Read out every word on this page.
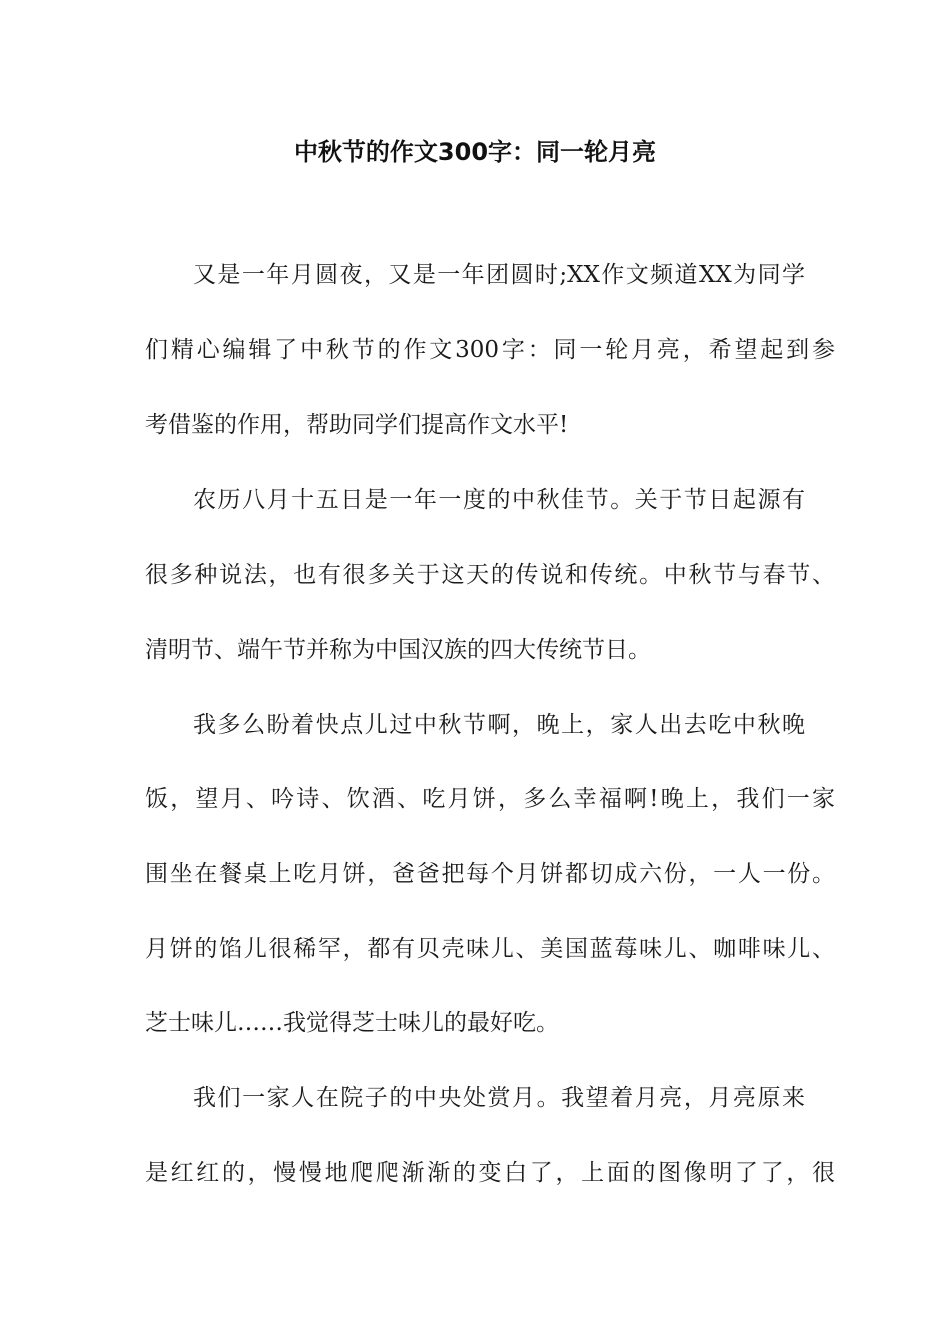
中秋节的作文300字：同一轮月亮

又是一年月圆夜，又是一年团圆时;XX作文频道XX为同学

们精心编辑了中秋节的作文300字：同一轮月亮，希望起到参

考借鉴的作用，帮助同学们提高作文水平!

农历八月十五日是一年一度的中秋佳节。关于节日起源有

很多种说法，也有很多关于这天的传说和传统。中秋节与春节、

清明节、端午节并称为中国汉族的四大传统节日。

我多么盼着快点儿过中秋节啊，晚上，家人出去吃中秋晚

饭，望月、吟诗、饮酒、吃月饼，多么幸福啊!晚上，我们一家

围坐在餐桌上吃月饼，爸爸把每个月饼都切成六份，一人一份。

月饼的馅儿很稀罕，都有贝壳味儿、美国蓝莓味儿、咖啡味儿、

芝士味儿……我觉得芝士味儿的最好吃。

我们一家人在院子的中央处赏月。我望着月亮，月亮原来

是红红的，慢慢地爬爬渐渐的变白了，上面的图像明了了，很
